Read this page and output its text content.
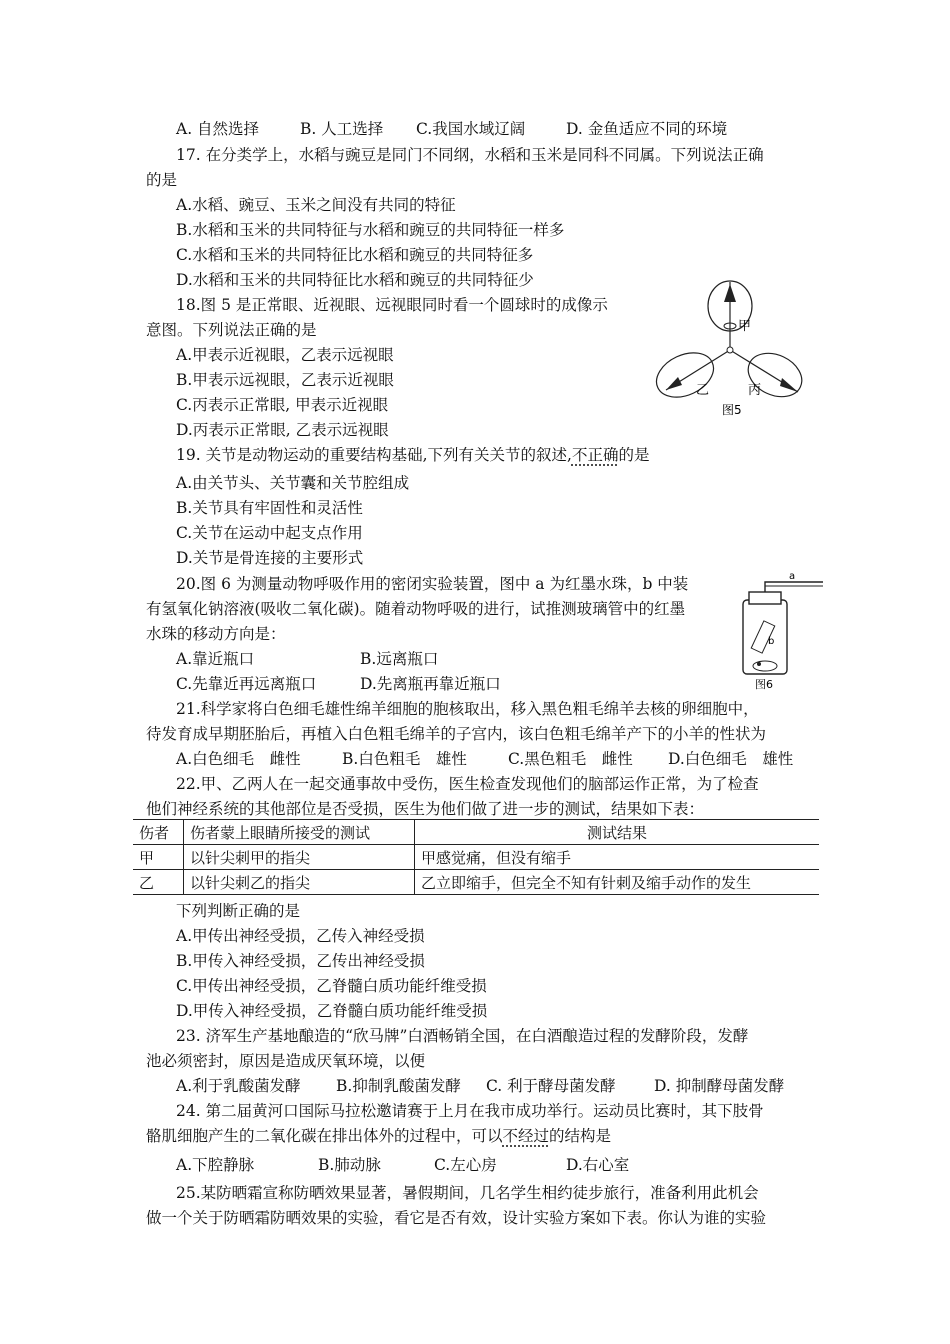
A. 自然选择	B. 人工选择 C.我国水域辽阔	D. 金鱼适应不同的环境
17. 在分类学上，水稻与豌豆是同门不同纲，水稻和玉米是同科不同属。下列说法正确
的是
A.水稻、豌豆、玉米之间没有共同的特征
B.水稻和玉米的共同特征与水稻和豌豆的共同特征一样多
C.水稻和玉米的共同特征比水稻和豌豆的共同特征多
D.水稻和玉米的共同特征比水稻和豌豆的共同特征少
18.图 5 是正常眼、近视眼、远视眼同时看一个圆球时的成像示
意图。下列说法正确的是
A.甲表示近视眼，乙表示远视眼
B.甲表示远视眼，乙表示近视眼
C.丙表示正常眼, 甲表示近视眼
D.丙表示正常眼, 乙表示远视眼
甲
乙	丙
图5
19. 关节是动物运动的重要结构基础,下列有关关节的叙述,不正确的是
A.由关节头、关节囊和关节腔组成
B.关节具有牢固性和灵活性
C.关节在运动中起支点作用
D.关节是骨连接的主要形式
20.图 6 为测量动物呼吸作用的密闭实验装置，图中 a 为红墨水珠，b 中装
有氢氧化钠溶液(吸收二氧化碳)。随着动物呼吸的进行，试推测玻璃管中的红墨
水珠的移动方向是：
A.靠近瓶口	B.远离瓶口
C.先靠近再远离瓶口	D.先离瓶再靠近瓶口
a
b
图6
21.科学家将白色细毛雄性绵羊细胞的胞核取出，移入黑色粗毛绵羊去核的卵细胞中，
待发育成早期胚胎后，再植入白色粗毛绵羊的子宫内，该白色粗毛绵羊产下的小羊的性状为
A.白色细毛　雌性	B.白色粗毛　雄性	C.黑色粗毛　雌性 D.白色细毛　雄性
22.甲、乙两人在一起交通事故中受伤，医生检查发现他们的脑部运作正常，为了检查
他们神经系统的其他部位是否受损，医生为他们做了进一步的测试，结果如下表：
伤者	伤者蒙上眼睛所接受的测试	测试结果
甲	以针尖刺甲的指尖	甲感觉痛，但没有缩手
乙	以针尖刺乙的指尖	乙立即缩手，但完全不知有针刺及缩手动作的发生
下列判断正确的是
A.甲传出神经受损，乙传入神经受损
B.甲传入神经受损，乙传出神经受损
C.甲传出神经受损，乙脊髓白质功能纤维受损
D.甲传入神经受损，乙脊髓白质功能纤维受损
23. 济军生产基地酿造的“欣马牌”白酒畅销全国，在白酒酿造过程的发酵阶段，发酵
池必须密封，原因是造成厌氧环境，以便
A.利于乳酸菌发酵 B.抑制乳酸菌发酵 C. 利于酵母菌发酵 D. 抑制酵母菌发酵
24. 第二届黄河口国际马拉松邀请赛于上月在我市成功举行。运动员比赛时，其下肢骨
骼肌细胞产生的二氧化碳在排出体外的过程中，可以不经过的结构是
A.下腔静脉	B.肺动脉	C.左心房	D.右心室
25.某防晒霜宣称防晒效果显著，暑假期间，几名学生相约徒步旅行，准备利用此机会
做一个关于防晒霜防晒效果的实验，看它是否有效，设计实验方案如下表。你认为谁的实验
